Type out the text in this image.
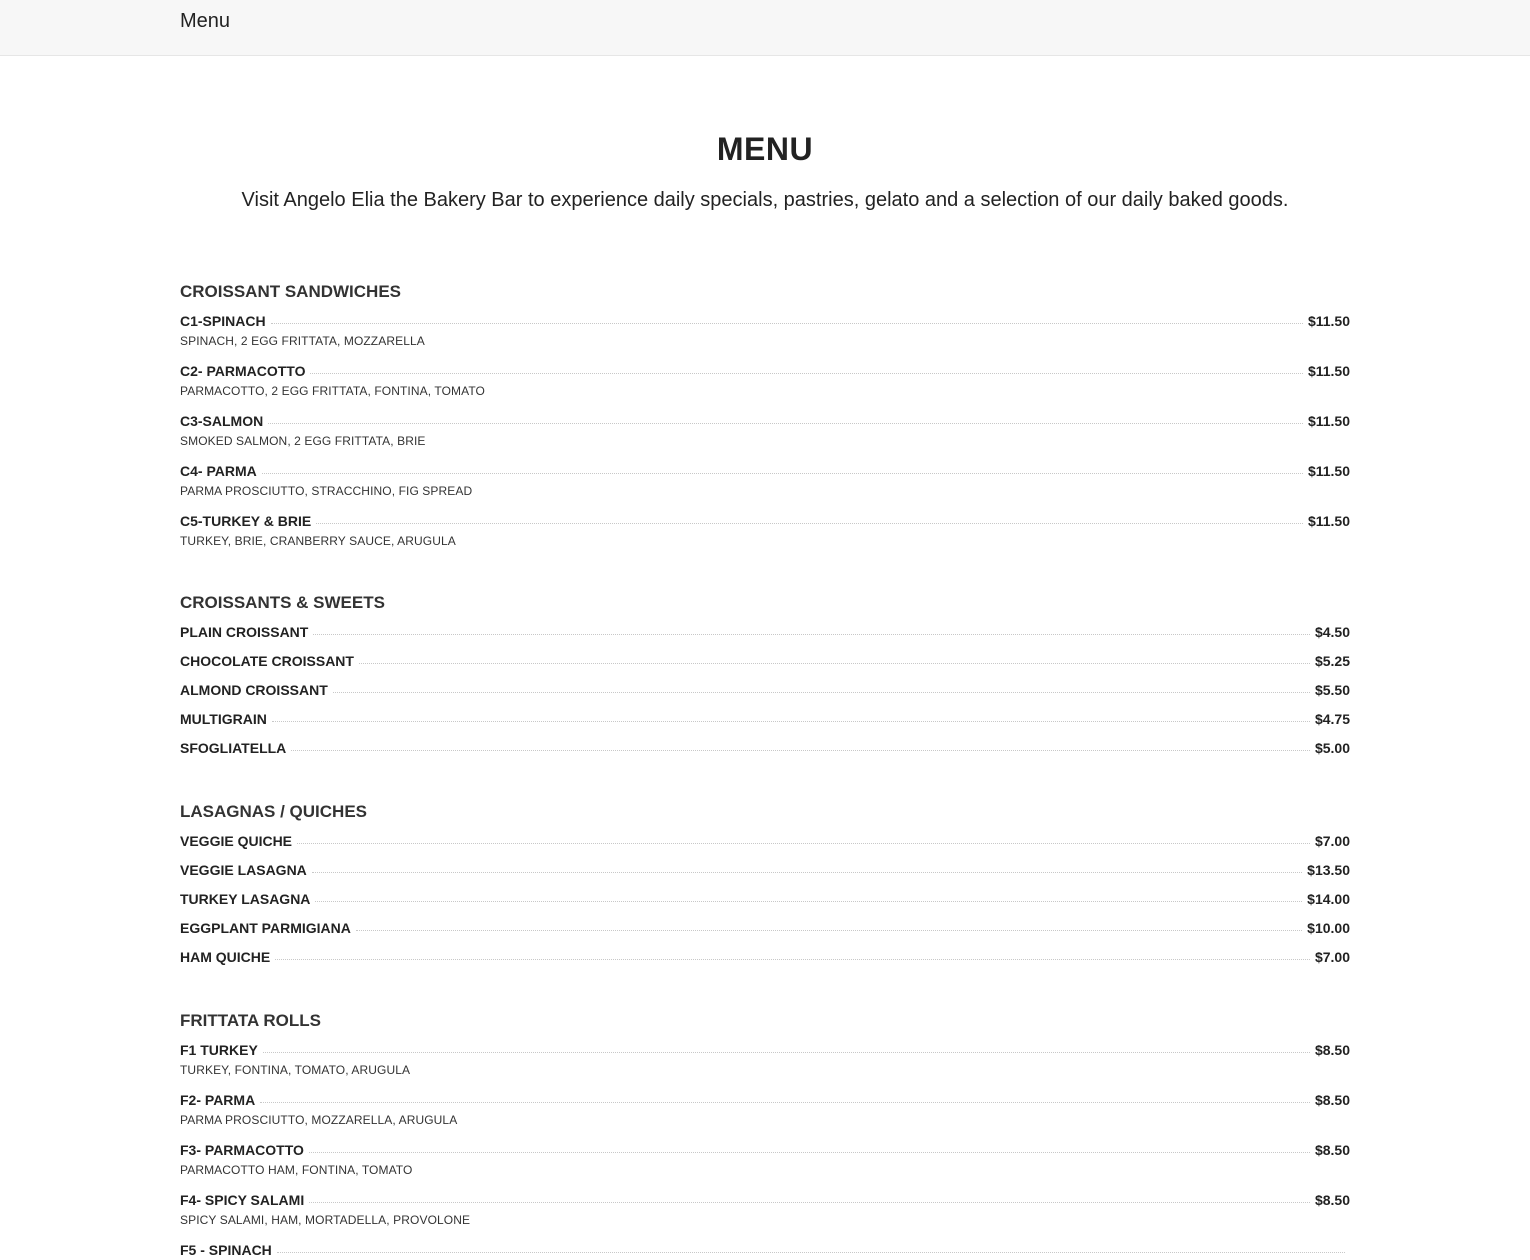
Menu
MENU

Visit Angelo Elia the Bakery Bar to experience daily specials, pastries, gelato and a selection of our daily baked goods.

CROISSANT SANDWICHES
C1-SPINACH	$11.50
SPINACH, 2 EGG FRITTATA, MOZZARELLA
C2- PARMACOTTO	$11.50
PARMACOTTO, 2 EGG FRITTATA, FONTINA, TOMATO
C3-SALMON	$11.50
SMOKED SALMON, 2 EGG FRITTATA, BRIE
C4- PARMA	$11.50
PARMA PROSCIUTTO, STRACCHINO, FIG SPREAD
C5-TURKEY & BRIE	$11.50
TURKEY, BRIE, CRANBERRY SAUCE, ARUGULA
CROISSANTS & SWEETS
PLAIN CROISSANT	$4.50
CHOCOLATE CROISSANT	$5.25
ALMOND CROISSANT	$5.50
MULTIGRAIN	$4.75
SFOGLIATELLA	$5.00
LASAGNAS / QUICHES
VEGGIE QUICHE	$7.00
VEGGIE LASAGNA	$13.50
TURKEY LASAGNA	$14.00
EGGPLANT PARMIGIANA	$10.00
HAM QUICHE	$7.00
FRITTATA ROLLS
F1 TURKEY	$8.50
TURKEY, FONTINA, TOMATO, ARUGULA
F2- PARMA	$8.50
PARMA PROSCIUTTO, MOZZARELLA, ARUGULA
F3- PARMACOTTO	$8.50
PARMACOTTO HAM, FONTINA, TOMATO
F4- SPICY SALAMI	$8.50
SPICY SALAMI, HAM, MORTADELLA, PROVOLONE
F5 - SPINACH
